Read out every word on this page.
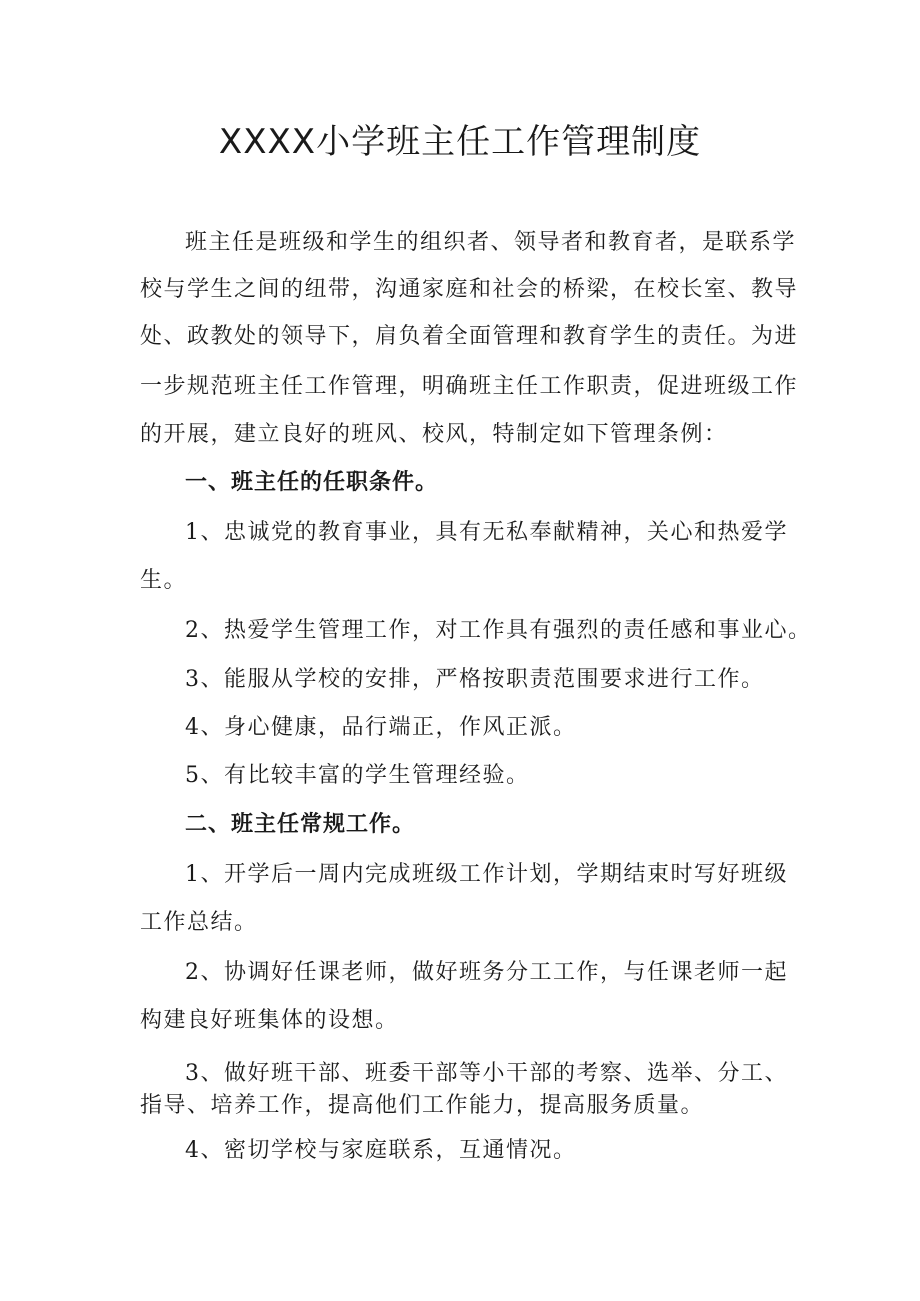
XXXX小学班主任工作管理制度

班主任是班级和学生的组织者、领导者和教育者，是联系学

校与学生之间的纽带，沟通家庭和社会的桥梁，在校长室、教导

处、政教处的领导下，肩负着全面管理和教育学生的责任。为进

一步规范班主任工作管理，明确班主任工作职责，促进班级工作

的开展，建立良好的班风、校风，特制定如下管理条例：

一、班主任的任职条件。

1、忠诚党的教育事业，具有无私奉献精神，关心和热爱学

生。

2、热爱学生管理工作，对工作具有强烈的责任感和事业心。

3、能服从学校的安排，严格按职责范围要求进行工作。

4、身心健康，品行端正，作风正派。

5、有比较丰富的学生管理经验。

二、班主任常规工作。

1、开学后一周内完成班级工作计划，学期结束时写好班级

工作总结。

2、协调好任课老师，做好班务分工工作，与任课老师一起

构建良好班集体的设想。

3、做好班干部、班委干部等小干部的考察、选举、分工、

指导、培养工作，提高他们工作能力，提高服务质量。

4、密切学校与家庭联系，互通情况。
